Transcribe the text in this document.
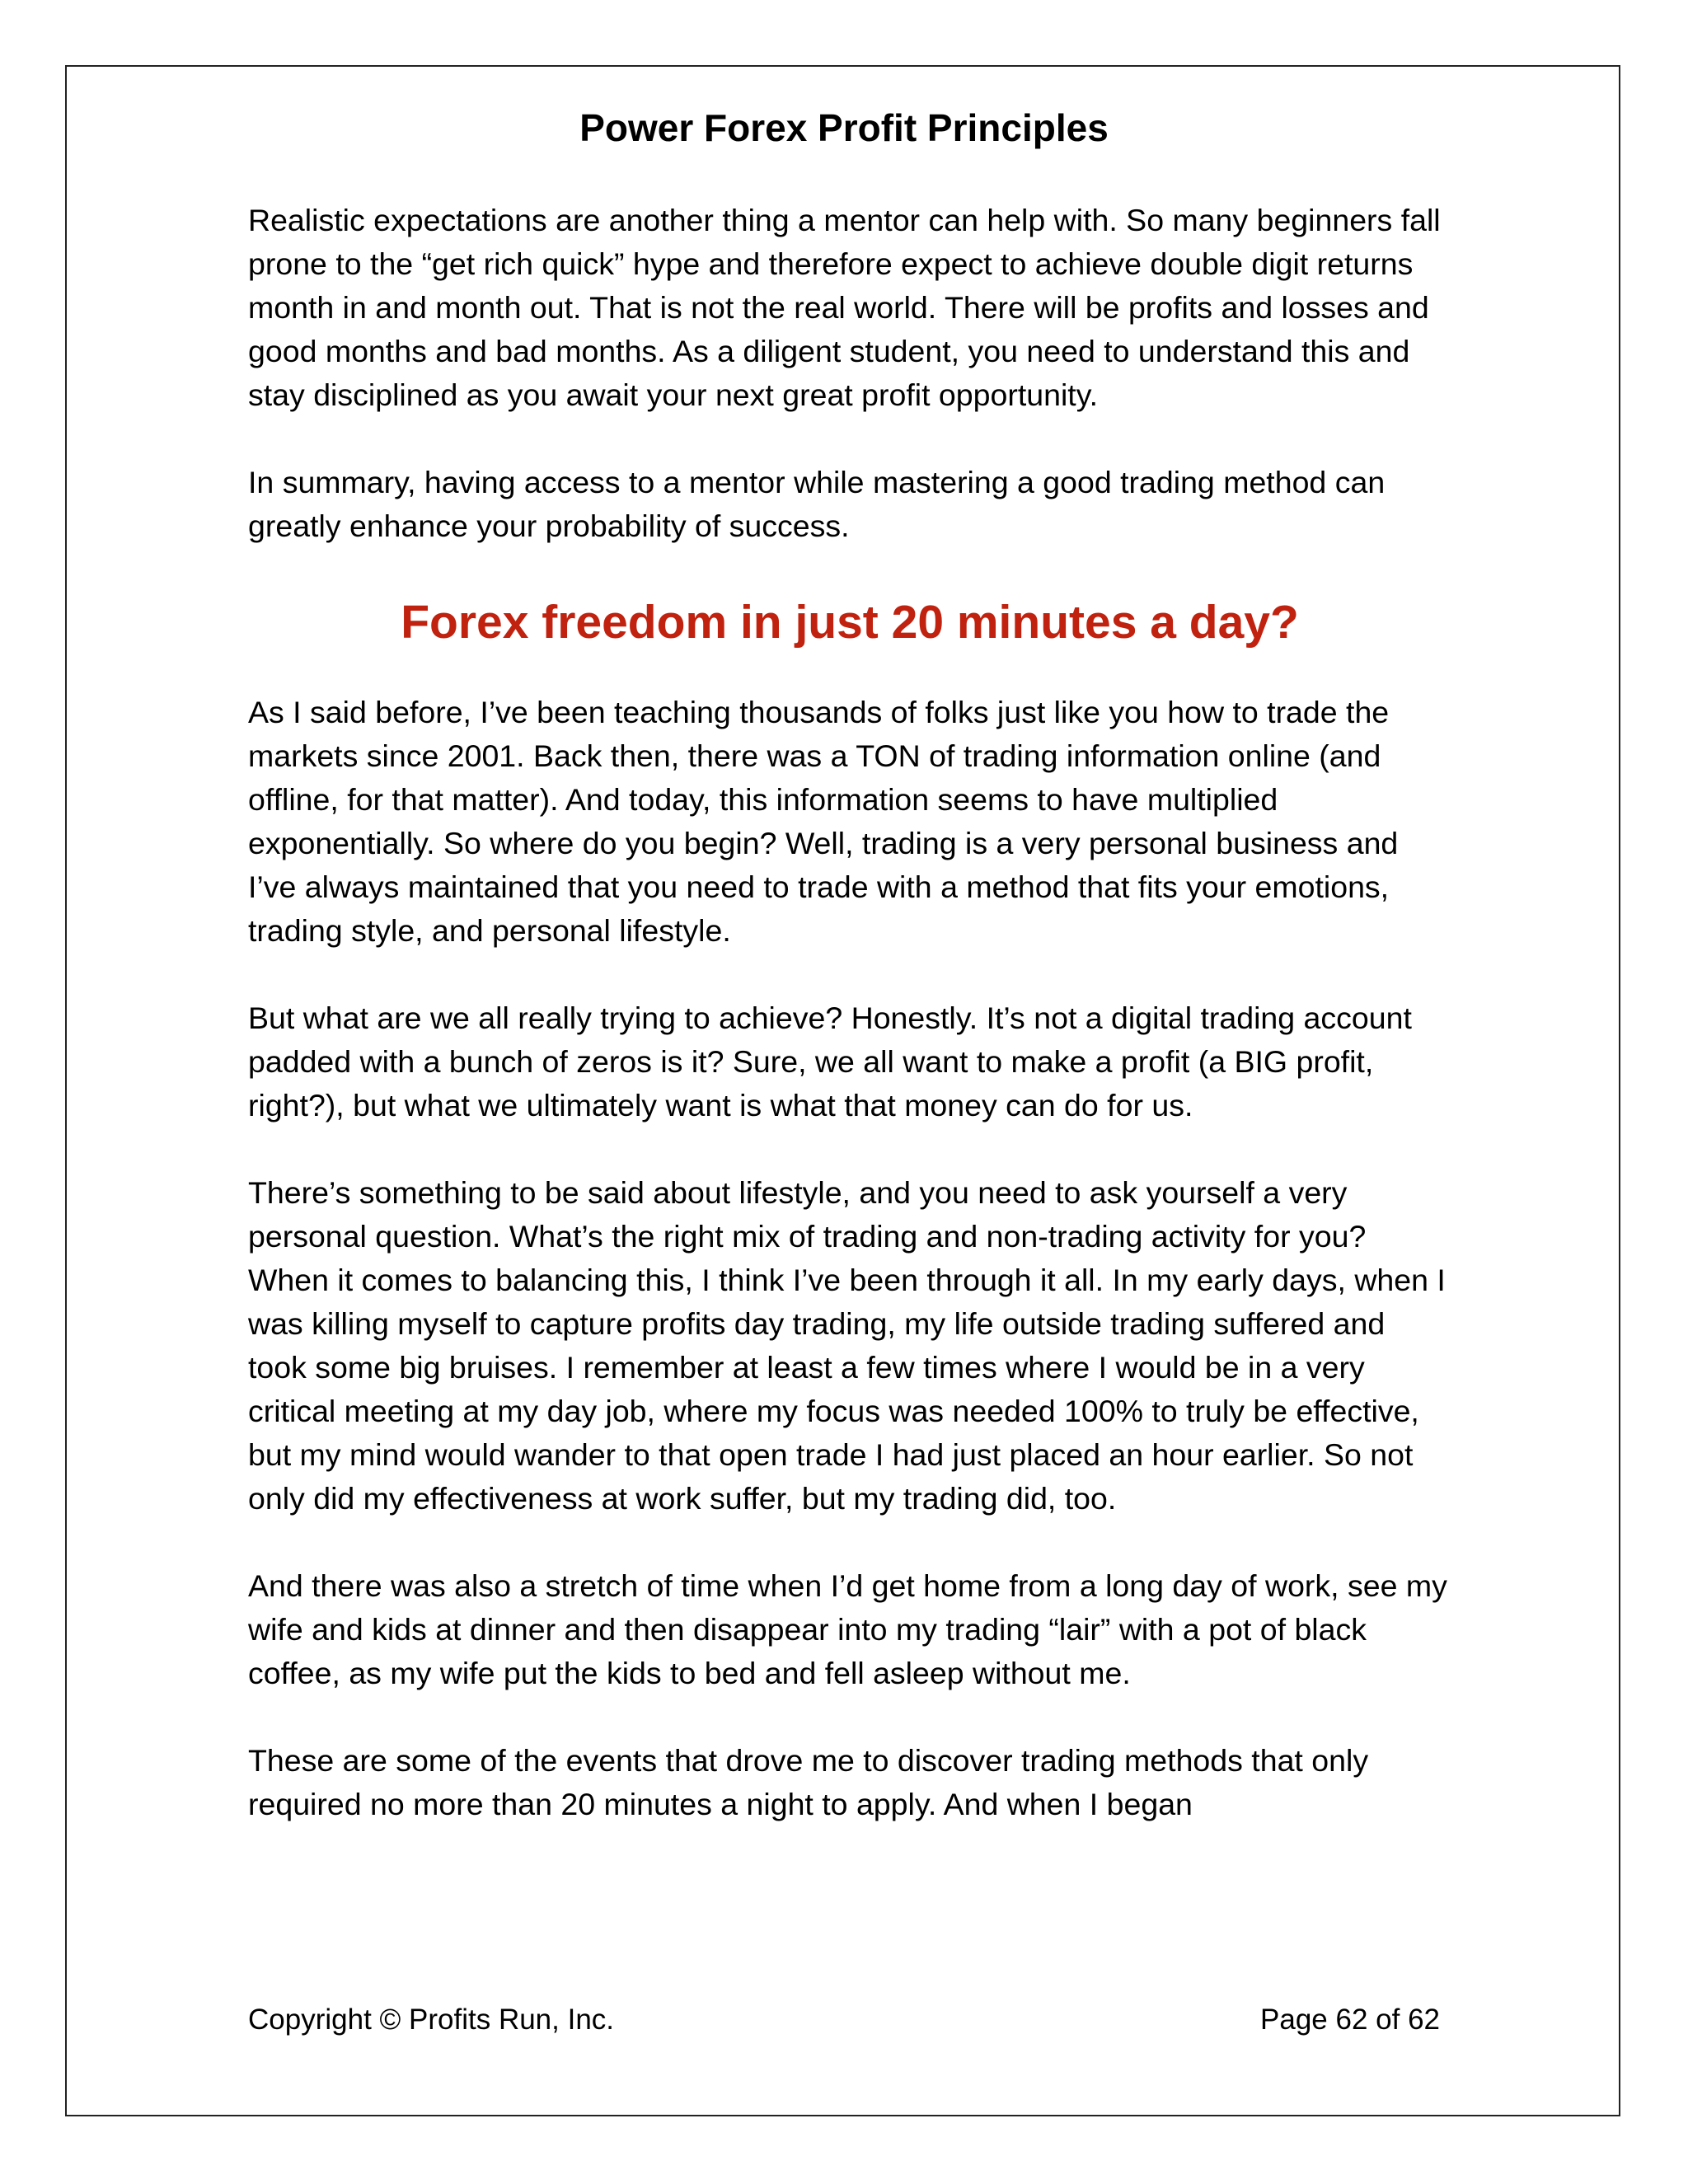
Power Forex Profit Principles

Realistic expectations are another thing a mentor can help with. So many beginners fall prone to the “get rich quick” hype and therefore expect to achieve double digit returns month in and month out. That is not the real world. There will be profits and losses and good months and bad months. As a diligent student, you need to understand this and stay disciplined as you await your next great profit opportunity.

In summary, having access to a mentor while mastering a good trading method can greatly enhance your probability of success.

Forex freedom in just 20 minutes a day?

As I said before, I’ve been teaching thousands of folks just like you how to trade the markets since 2001. Back then, there was a TON of trading information online (and offline, for that matter). And today, this information seems to have multiplied exponentially. So where do you begin? Well, trading is a very personal business and I’ve always maintained that you need to trade with a method that fits your emotions, trading style, and personal lifestyle.

But what are we all really trying to achieve? Honestly. It’s not a digital trading account padded with a bunch of zeros is it? Sure, we all want to make a profit (a BIG profit, right?), but what we ultimately want is what that money can do for us.

There’s something to be said about lifestyle, and you need to ask yourself a very personal question. What’s the right mix of trading and non-trading activity for you? When it comes to balancing this, I think I’ve been through it all. In my early days, when I was killing myself to capture profits day trading, my life outside trading suffered and took some big bruises. I remember at least a few times where I would be in a very critical meeting at my day job, where my focus was needed 100% to truly be effective, but my mind would wander to that open trade I had just placed an hour earlier. So not only did my effectiveness at work suffer, but my trading did, too.

And there was also a stretch of time when I’d get home from a long day of work, see my wife and kids at dinner and then disappear into my trading “lair” with a pot of black coffee, as my wife put the kids to bed and fell asleep without me.

These are some of the events that drove me to discover trading methods that only required no more than 20 minutes a night to apply. And when I began

Copyright © Profits Run, Inc.	Page 62 of 62
